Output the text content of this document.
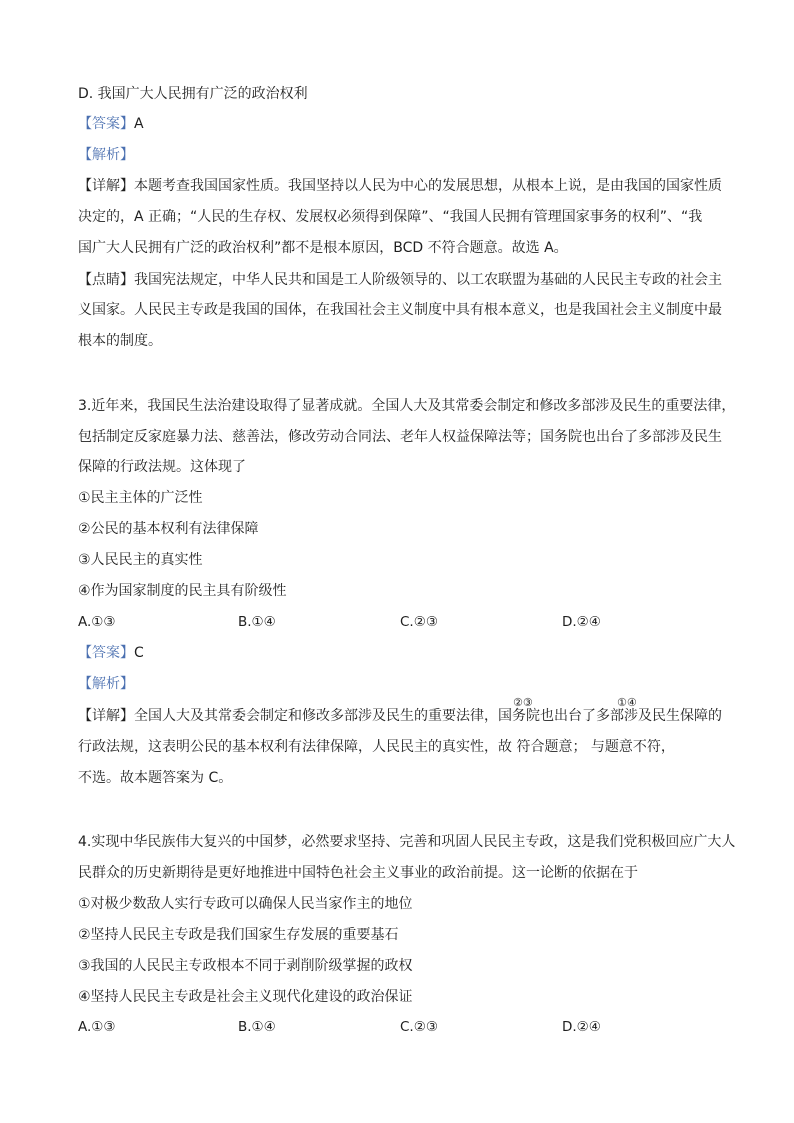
D. 我国广大人民拥有广泛的政治权利
【答案】A
【解析】
【详解】本题考查我国国家性质。我国坚持以人民为中心的发展思想，从根本上说，是由我国的国家性质
决定的，A 正确；“人民的生存权、发展权必须得到保障”、“我国人民拥有管理国家事务的权利”、“我
国广大人民拥有广泛的政治权利”都不是根本原因，BCD 不符合题意。故选 A。
【点睛】我国宪法规定，中华人民共和国是工人阶级领导的、以工农联盟为基础的人民民主专政的社会主
义国家。人民民主专政是我国的国体，在我国社会主义制度中具有根本意义，也是我国社会主义制度中最
根本的制度。
3.近年来，我国民生法治建设取得了显著成就。全国人大及其常委会制定和修改多部涉及民生的重要法律，
包括制定反家庭暴力法、慈善法，修改劳动合同法、老年人权益保障法等；国务院也出台了多部涉及民生
保障的行政法规。这体现了
①民主主体的广泛性
②公民的基本权利有法律保障
③人民民主的真实性
④作为国家制度的民主具有阶级性
A.①③	B.①④	C.②③	D.②④
【答案】C
【解析】
②③	①④
【详解】全国人大及其常委会制定和修改多部涉及民生的重要法律，国务院也出台了多部涉及民生保障的
行政法规，这表明公民的基本权利有法律保障，人民民主的真实性，故 符合题意； 与题意不符，
不选。故本题答案为 C。
4.实现中华民族伟大复兴的中国梦，必然要求坚持、完善和巩固人民民主专政，这是我们党积极回应广大人
民群众的历史新期待是更好地推进中国特色社会主义事业的政治前提。这一论断的依据在于
①对极少数敌人实行专政可以确保人民当家作主的地位
②坚持人民民主专政是我们国家生存发展的重要基石
③我国的人民民主专政根本不同于剥削阶级掌握的政权
④坚持人民民主专政是社会主义现代化建设的政治保证
A.①③	B.①④	C.②③	D.②④
